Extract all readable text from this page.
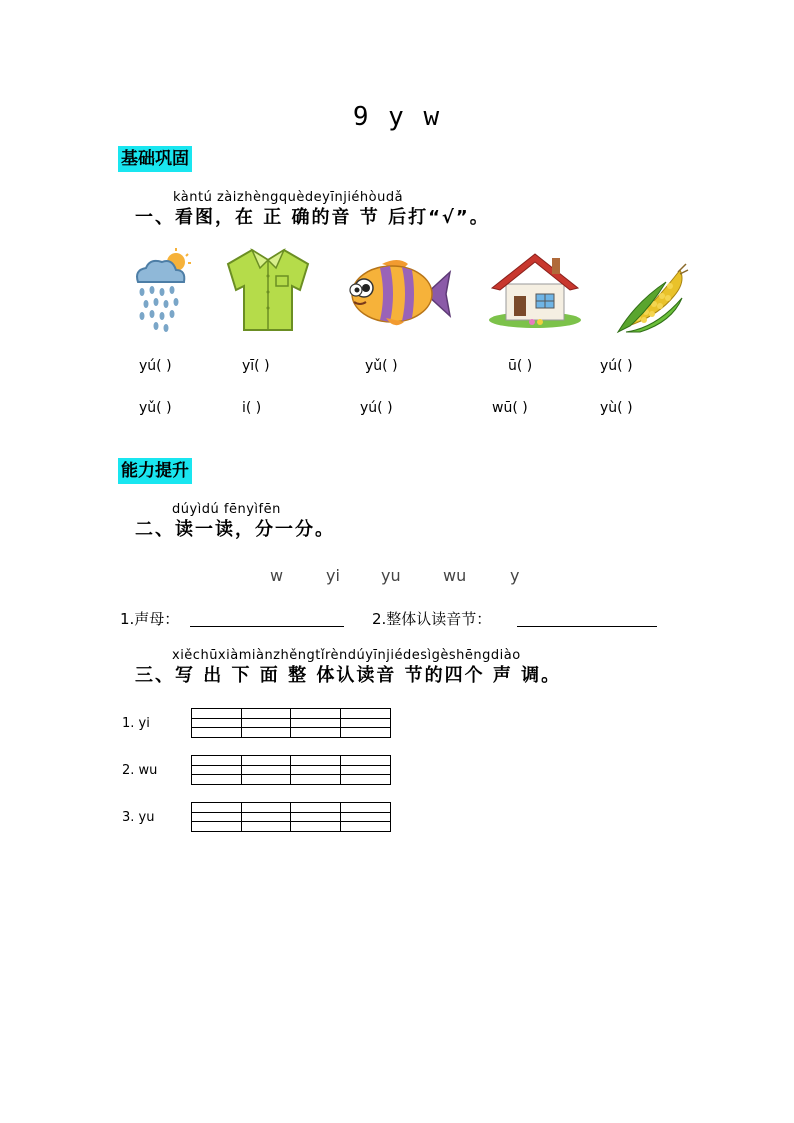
9 y w
基础巩固
kàntú zàizhèngquèdeyīnjiéhòudǎ
一、看图，在 正 确的音 节 后打“√”。
yú( )	yī( )	yǔ( )	ū( )	yú( )
yǔ( )	i( )	yú( )	wū( )	yù( )
能力提升
dúyìdú fēnyìfēn
二、读一读，分一分。
w	yi	yu	wu	y
1.声母：	2.整体认读音节：
xiěchūxiàmiànzhěngtǐrèndúyīnjiédesìgèshēngdiào
三、写 出 下 面 整 体认读音 节的四个 声 调。
1. yi
2. wu
3. yu
